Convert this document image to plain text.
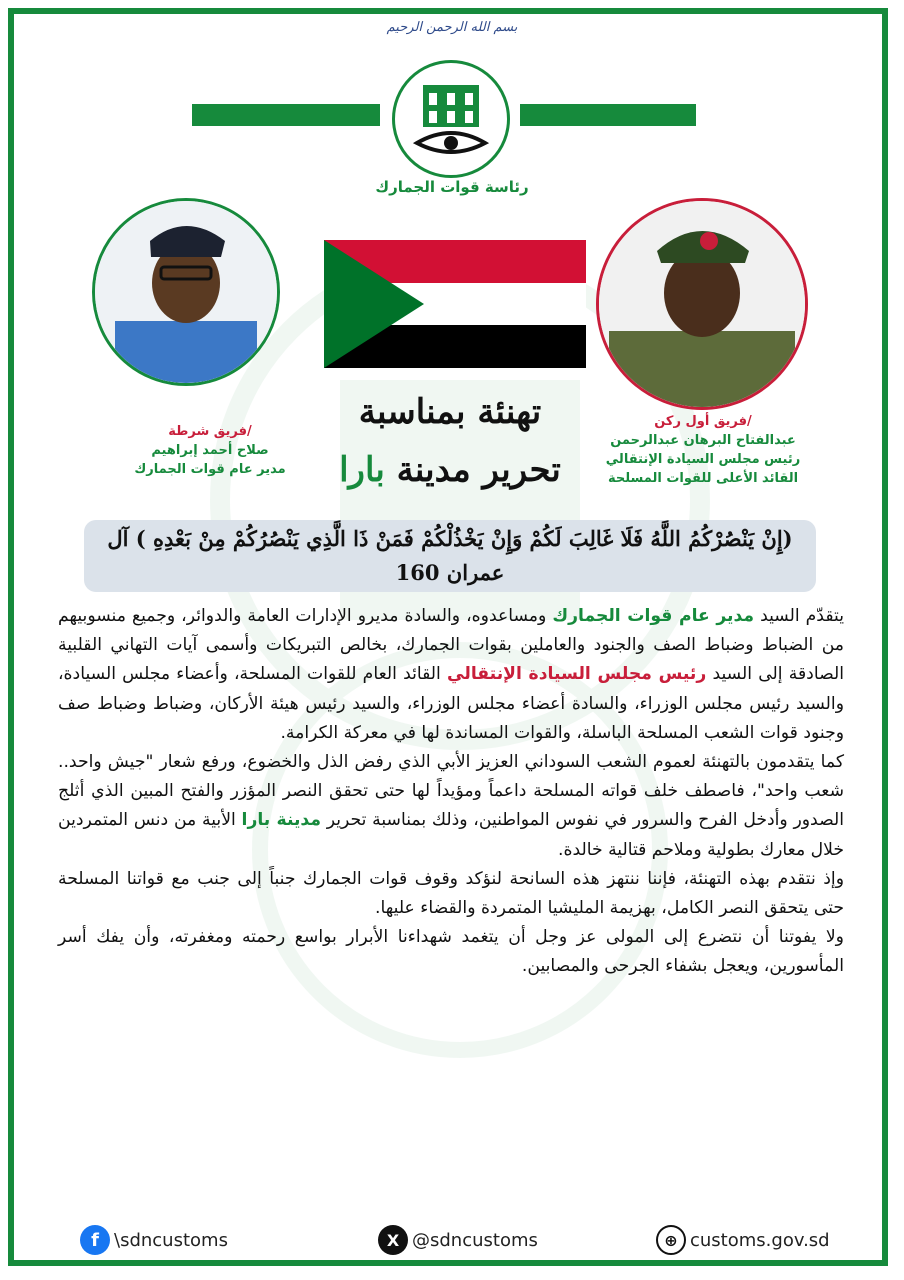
بسم الله الرحمن الرحيم
رئاسة قوات الجمارك
فريق شرطة/
صلاح أحمد إبراهيم
مدير عام قوات الجمارك
فريق أول ركن/
عبدالفتاح البرهان عبدالرحمن
رئيس مجلس السيادة الإنتقالي
القائد الأعلى للقوات المسلحة
تهنئة بمناسبة
تحرير مدينة بارا
(إِنْ يَنْصُرْكُمُ اللَّهُ فَلَا غَالِبَ لَكُمْ وَإِنْ يَخْذُلْكُمْ فَمَنْ ذَا الَّذِي يَنْصُرُكُمْ مِنْ بَعْدِهِ ) آل عمران 160

يتقدّم السيد مدير عام قوات الجمارك ومساعدوه، والسادة مديرو الإدارات العامة والدوائر، وجميع منسوبيهم من الضباط وضباط الصف والجنود والعاملين بقوات الجمارك، بخالص التبريكات وأسمى آيات التهاني القلبية الصادقة إلى السيد رئيس مجلس السيادة الإنتقالي القائد العام للقوات المسلحة، وأعضاء مجلس السيادة، والسيد رئيس مجلس الوزراء، والسادة أعضاء مجلس الوزراء، والسيد رئيس هيئة الأركان، وضباط وضباط صف وجنود قوات الشعب المسلحة الباسلة، والقوات المساندة لها في معركة الكرامة.

كما يتقدمون بالتهنئة لعموم الشعب السوداني العزيز الأبي الذي رفض الذل والخضوع، ورفع شعار "جيش واحد.. شعب واحد"، فاصطف خلف قواته المسلحة داعماً ومؤيداً لها حتى تحقق النصر المؤزر والفتح المبين الذي أثلج الصدور وأدخل الفرح والسرور في نفوس المواطنين، وذلك بمناسبة تحرير مدينة بارا الأبية من دنس المتمردين خلال معارك بطولية وملاحم قتالية خالدة.

وإذ نتقدم بهذه التهنئة، فإننا ننتهز هذه السانحة لنؤكد وقوف قوات الجمارك جنباً إلى جنب مع قواتنا المسلحة حتى يتحقق النصر الكامل، بهزيمة المليشيا المتمردة والقضاء عليها.

ولا يفوتنا أن نتضرع إلى المولى عز وجل أن يتغمد شهداءنا الأبرار بواسع رحمته ومغفرته، وأن يفك أسر المأسورين، ويعجل بشفاء الجرحى والمصابين.

f \sdncustoms	X @sdncustoms	⊕ customs.gov.sd
